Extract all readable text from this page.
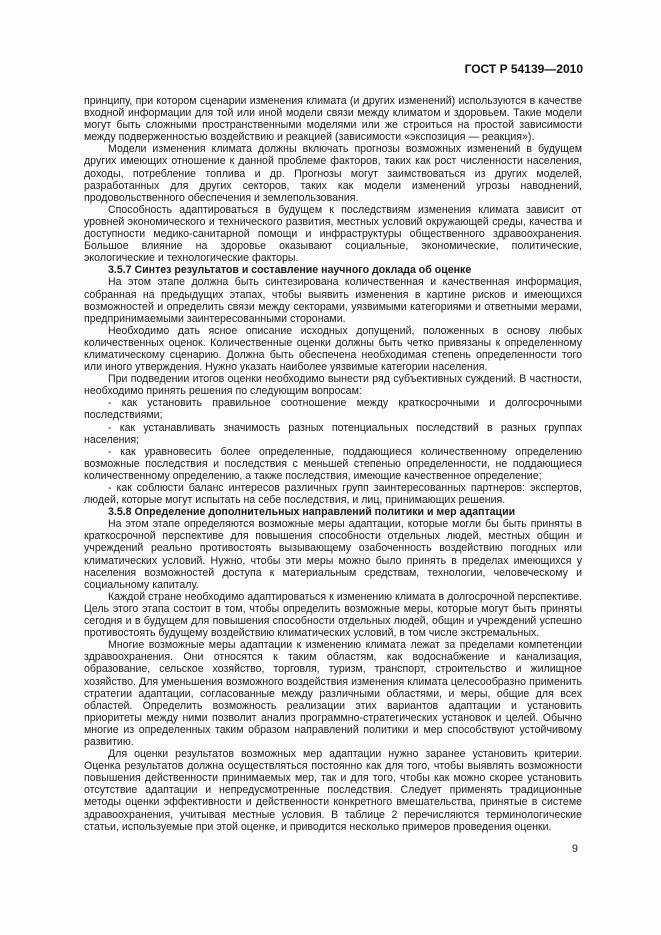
ГОСТ Р 54139—2010

принципу, при котором сценарии изменения климата (и других изменений) используются в качестве входной информации для той или иной модели связи между климатом и здоровьем. Такие модели могут быть сложными пространственными моделями или же строиться на простой зависимости между подверженностью воздействию и реакцией (зависимости «экспозиция — реакция»).

Модели изменения климата должны включать прогнозы возможных изменений в будущем других имеющих отношение к данной проблеме факторов, таких как рост численности населения, доходы, потребление топлива и др. Прогнозы могут заимствоваться из других моделей, разработанных для других секторов, таких как модели изменений угрозы наводнений, продовольственного обеспечения и землепользования.

Способность адаптироваться в будущем к последствиям изменения климата зависит от уровней экономического и технического развития, местных условий окружающей среды, качества и доступности медико-санитарной помощи и инфраструктуры общественного здравоохранения. Большое влияние на здоровье оказывают социальные, экономические, политические, экологические и технологические факторы.

3.5.7 Синтез результатов и составление научного доклада об оценке

На этом этапе должна быть синтезирована количественная и качественная информация, собранная на предыдущих этапах, чтобы выявить изменения в картине рисков и имеющихся возможностей и определить связи между секторами, уязвимыми категориями и ответными мерами, предпринимаемыми заинтересованными сторонами.

Необходимо дать ясное описание исходных допущений, положенных в основу любых количественных оценок. Количественные оценки должны быть четко привязаны к определенному климатическому сценарию. Должна быть обеспечена необходимая степень определенности того или иного утверждения. Нужно указать наиболее уязвимые категории населения.

При подведении итогов оценки необходимо вынести ряд субъективных суждений. В частности, необходимо принять решения по следующим вопросам:

- как установить правильное соотношение между краткосрочными и долгосрочными последствиями;

- как устанавливать значимость разных потенциальных последствий в разных группах населения;

- как уравновесить более определенные, поддающиеся количественному определению возможные последствия и последствия с меньшей степенью определенности, не поддающиеся количественному определению, а также последствия, имеющие качественное определение;

- как соблюсти баланс интересов различных групп заинтересованных партнеров: экспертов, людей, которые могут испытать на себе последствия, и лиц, принимающих решения.

3.5.8 Определение дополнительных направлений политики и мер адаптации

На этом этапе определяются возможные меры адаптации, которые могли бы быть приняты в краткосрочной перспективе для повышения способности отдельных людей, местных общин и учреждений реально противостоять вызывающему озабоченность воздействию погодных или климатических условий. Нужно, чтобы эти меры можно было принять в пределах имеющихся у населения возможностей доступа к материальным средствам, технологии, человеческому и социальному капиталу.

Каждой стране необходимо адаптироваться к изменению климата в долгосрочной перспективе. Цель этого этапа состоит в том, чтобы определить возможные меры, которые могут быть приняты сегодня и в будущем для повышения способности отдельных людей, общин и учреждений успешно противостоять будущему воздействию климатических условий, в том числе экстремальных.

Многие возможные меры адаптации к изменению климата лежат за пределами компетенции здравоохранения. Они относятся к таким областям, как водоснабжение и канализация, образование, сельское хозяйство, торговля, туризм, транспорт, строительство и жилищное хозяйство. Для уменьшения возможного воздействия изменения климата целесообразно применить стратегии адаптации, согласованные между различными областями, и меры, общие для всех областей. Определить возможность реализации этих вариантов адаптации и установить приоритеты между ними позволит анализ программно-стратегических установок и целей. Обычно многие из определенных таким образом направлений политики и мер способствуют устойчивому развитию.

Для оценки результатов возможных мер адаптации нужно заранее установить критерии. Оценка результатов должна осуществляться постоянно как для того, чтобы выявлять возможности повышения действенности принимаемых мер, так и для того, чтобы как можно скорее установить отсутствие адаптации и непредусмотренные последствия. Следует применять традиционные методы оценки эффективности и действенности конкретного вмешательства, принятые в системе здравоохранения, учитывая местные условия. В таблице 2 перечисляются терминологические статьи, используемые при этой оценке, и приводится несколько примеров проведения оценки.

9
